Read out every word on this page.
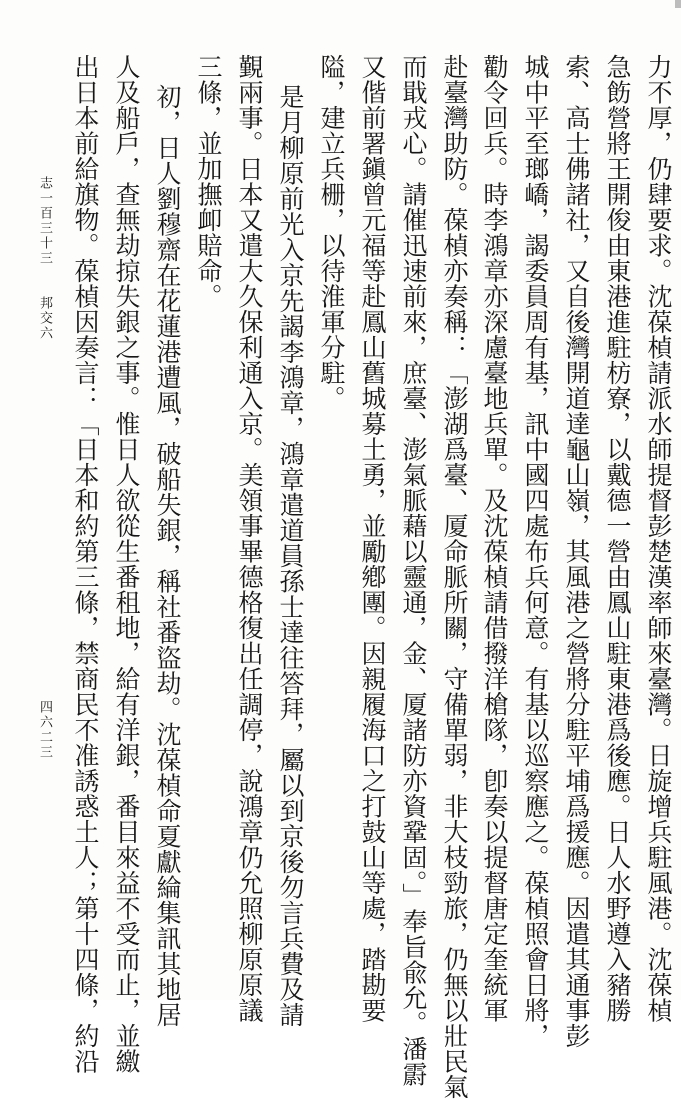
力不厚，仍肆要求。沈葆楨請派水師提督彭楚漢率師來臺灣。日旋增兵駐風港。沈葆楨
急飭營將王開俊由東港進駐枋寮，以戴德一營由鳳山駐東港爲後應。日人水野遵入豬勝
索、高士佛諸社，又自後灣開道達龜山嶺，其風港之營將分駐平埔爲援應。因遣其通事彭
城中平至瑯嶠，謁委員周有基，訊中國四處布兵何意。有基以巡察應之。葆楨照會日將，
勸令回兵。時李鴻章亦深慮臺地兵單。及沈葆楨請借撥洋槍隊，卽奏以提督唐定奎統軍
赴臺灣助防。葆楨亦奏稱：「澎湖爲臺、厦命脈所關，守備單弱，非大枝勁旅，仍無以壯民氣
而戢戎心。請催迅速前來，庶臺、澎氣脈藉以靈通，金、厦諸防亦資鞏固。」奉旨兪允。潘霨
又偕前署鎭曾元福等赴鳳山舊城募土勇，並勵鄕團。因親履海口之打鼓山等處，踏勘要
隘，建立兵栅，以待淮軍分駐。
是月柳原前光入京先謁李鴻章，鴻章遣道員孫士達往答拜，屬以到京後勿言兵費及請
覲兩事。日本又遣大久保利通入京。美領事畢德格復出任調停，說鴻章仍允照柳原原議
三條，並加撫卹賠命。
初，日人劉穆齋在花蓮港遭風，破船失銀，稱社番盜劫。沈葆楨命夏獻綸集訊其地居
人及船戶，查無劫掠失銀之事。惟日人欲從生番租地，給有洋銀，番目來益不受而止，並繳
出日本前給旗物。葆楨因奏言：「日本和約第三條，禁商民不准誘惑土人；第十四條，約沿
志一百三十三
邦交六
四六二三
